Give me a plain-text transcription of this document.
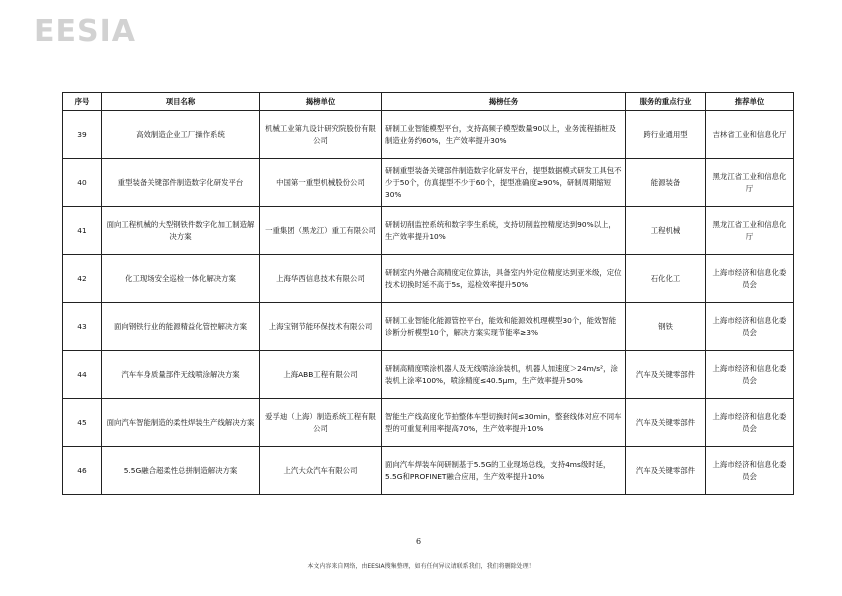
EESIA
序号	项目名称	揭榜单位	揭榜任务	服务的重点行业	推荐单位
39	高效制造企业工厂操作系统	机械工业第九设计研究院股份有限公司	研制工业智能模型平台，支持高频子模型数量90以上，业务流程插桩及制造业务约60%，生产效率提升30%	跨行业通用型	吉林省工业和信息化厅
40	重型装备关键部件制造数字化研发平台	中国第一重型机械股份公司	研制重型装备关键部件制造数字化研发平台，提型数据模式研发工具包不少于50个，仿真提型不少于60个，提型准确度≥90%，研制周期缩短30%	能源装备	黑龙江省工业和信息化厅
41	面向工程机械的大型钢铁件数字化加工制造解决方案	一重集团（黑龙江）重工有限公司	研制切削监控系统和数字孪生系统，支持切削监控精度达到90%以上，生产效率提升10%	工程机械	黑龙江省工业和信息化厅
42	化工现场安全巡检一体化解决方案	上海华西信息技术有限公司	研制室内外融合高精度定位算法，具备室内外定位精度达到亚米级，定位技术切换时延不高于5s，巡检效率提升50%	石化化工	上海市经济和信息化委员会
43	面向钢铁行业的能源精益化管控解决方案	上海宝钢节能环保技术有限公司	研制工业智能化能源管控平台，能效和能源效机理模型30个，能效智能诊断分析模型10个，解决方案实现节能率≥3%	钢铁	上海市经济和信息化委员会
44	汽车车身质量部件无线喷涂解决方案	上海ABB工程有限公司	研制高精度喷涂机器人及无线喷涂涂装机，机器人加速度＞24m/s²，涂装机上涂率100%，喷涂精度≤40.5μm，生产效率提升50%	汽车及关键零部件	上海市经济和信息化委员会
45	面向汽车智能制造的柔性焊装生产线解决方案	爱孚迪（上海）制造系统工程有限公司	智能生产线高度化节拍整体车型切换时间≤30min，整套线体对应不同车型的可重复利用率提高70%，生产效率提升10%	汽车及关键零部件	上海市经济和信息化委员会
46	5.5G融合超柔性总拼制造解决方案	上汽大众汽车有限公司	面向汽车焊装车间研制基于5.5G的工业现场总线，支持4ms级时延，5.5G和PROFINET融合应用，生产效率提升10%	汽车及关键零部件	上海市经济和信息化委员会
6
本文内容来自网络，由EESIA搜集整理，如有任何异议请联系我们，我们将删除处理！
